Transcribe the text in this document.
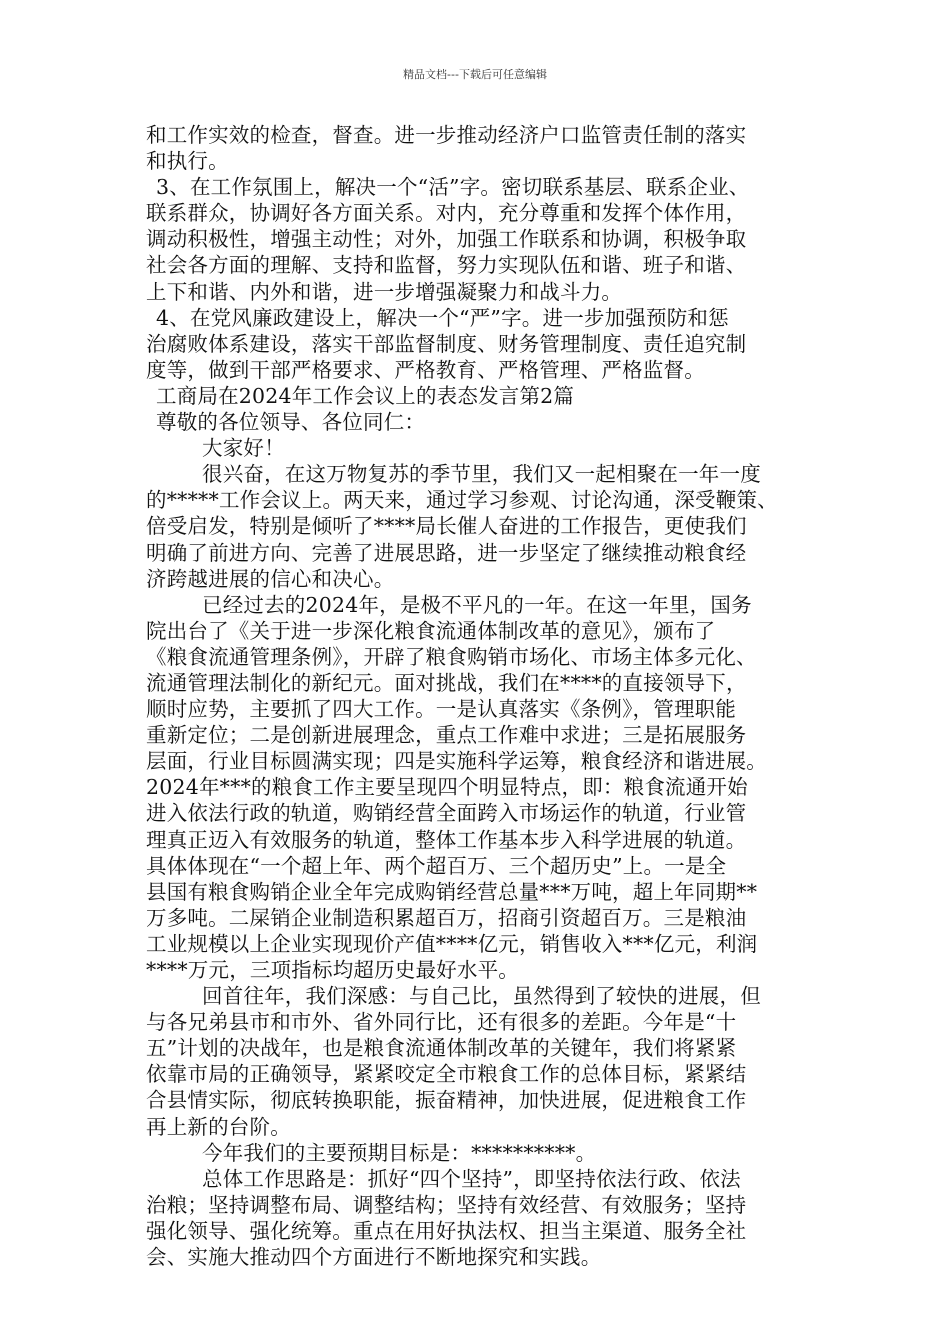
精品文档---下载后可任意编辑
和工作实效的检查，督查。进一步推动经济户口监管责任制的落实
和执行。
3、在工作氛围上，解决一个“活”字。密切联系基层、联系企业、
联系群众，协调好各方面关系。对内，充分尊重和发挥个体作用，
调动积极性，增强主动性；对外，加强工作联系和协调，积极争取
社会各方面的理解、支持和监督，努力实现队伍和谐、班子和谐、
上下和谐、内外和谐，进一步增强凝聚力和战斗力。
4、在党风廉政建设上，解决一个“严”字。进一步加强预防和惩
治腐败体系建设，落实干部监督制度、财务管理制度、责任追究制
度等，做到干部严格要求、严格教育、严格管理、严格监督。
工商局在2024年工作会议上的表态发言第2篇
尊敬的各位领导、各位同仁：
大家好！
很兴奋，在这万物复苏的季节里，我们又一起相聚在一年一度
的*****工作会议上。两天来，通过学习参观、讨论沟通，深受鞭策、
倍受启发，特别是倾听了****局长催人奋进的工作报告，更使我们
明确了前进方向、完善了进展思路，进一步坚定了继续推动粮食经
济跨越进展的信心和决心。
已经过去的2024年，是极不平凡的一年。在这一年里，国务
院出台了《关于进一步深化粮食流通体制改革的意见》，颁布了
《粮食流通管理条例》，开辟了粮食购销市场化、市场主体多元化、
流通管理法制化的新纪元。面对挑战，我们在****的直接领导下，
顺时应势，主要抓了四大工作。一是认真落实《条例》，管理职能
重新定位；二是创新进展理念，重点工作难中求进；三是拓展服务
层面，行业目标圆满实现；四是实施科学运筹，粮食经济和谐进展。
2024年***的粮食工作主要呈现四个明显特点，即：粮食流通开始
进入依法行政的轨道，购销经营全面跨入市场运作的轨道，行业管
理真正迈入有效服务的轨道，整体工作基本步入科学进展的轨道。
具体体现在“一个超上年、两个超百万、三个超历史”上。一是全
县国有粮食购销企业全年完成购销经营总量***万吨，超上年同期**
万多吨。二屎销企业制造积累超百万，招商引资超百万。三是粮油
工业规模以上企业实现现价产值****亿元，销售收入***亿元，利润
****万元，三项指标均超历史最好水平。
回首往年，我们深感：与自己比，虽然得到了较快的进展，但
与各兄弟县市和市外、省外同行比，还有很多的差距。今年是“十
五”计划的决战年，也是粮食流通体制改革的关键年，我们将紧紧
依靠市局的正确领导，紧紧咬定全市粮食工作的总体目标，紧紧结
合县情实际，彻底转换职能，振奋精神，加快进展，促进粮食工作
再上新的台阶。
今年我们的主要预期目标是：**********。
总体工作思路是：抓好“四个坚持”，即坚持依法行政、依法
治粮；坚持调整布局、调整结构；坚持有效经营、有效服务；坚持
强化领导、强化统筹。重点在用好执法权、担当主渠道、服务全社
会、实施大推动四个方面进行不断地探究和实践。
